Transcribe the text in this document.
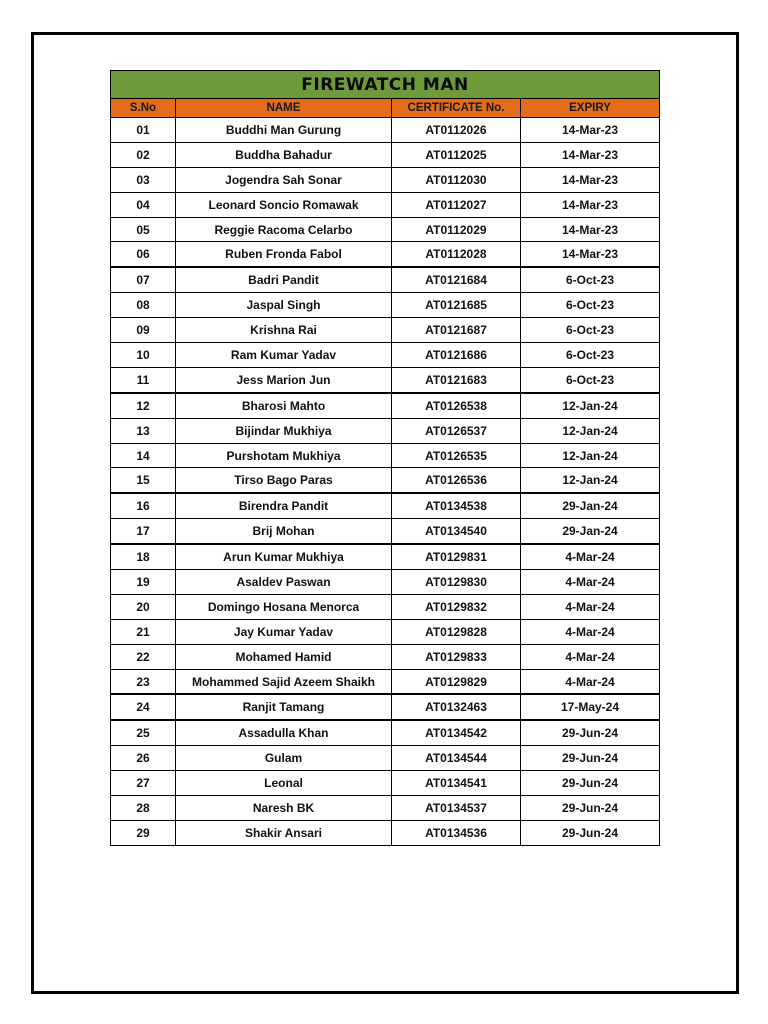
FIREWATCH MAN			
S.No	NAME	CERTIFICATE No.	EXPIRY
01	Buddhi Man Gurung	AT0112026	14-Mar-23
02	Buddha Bahadur	AT0112025	14-Mar-23
03	Jogendra Sah Sonar	AT0112030	14-Mar-23
04	Leonard Soncio Romawak	AT0112027	14-Mar-23
05	Reggie Racoma Celarbo	AT0112029	14-Mar-23
06	Ruben Fronda Fabol	AT0112028	14-Mar-23
07	Badri Pandit	AT0121684	6-Oct-23
08	Jaspal Singh	AT0121685	6-Oct-23
09	Krishna Rai	AT0121687	6-Oct-23
10	Ram Kumar Yadav	AT0121686	6-Oct-23
11	Jess Marion Jun	AT0121683	6-Oct-23
12	Bharosi Mahto	AT0126538	12-Jan-24
13	Bijindar Mukhiya	AT0126537	12-Jan-24
14	Purshotam Mukhiya	AT0126535	12-Jan-24
15	Tirso Bago Paras	AT0126536	12-Jan-24
16	Birendra Pandit	AT0134538	29-Jan-24
17	Brij Mohan	AT0134540	29-Jan-24
18	Arun Kumar Mukhiya	AT0129831	4-Mar-24
19	Asaldev Paswan	AT0129830	4-Mar-24
20	Domingo Hosana Menorca	AT0129832	4-Mar-24
21	Jay Kumar Yadav	AT0129828	4-Mar-24
22	Mohamed Hamid	AT0129833	4-Mar-24
23	Mohammed Sajid Azeem Shaikh	AT0129829	4-Mar-24
24	Ranjit Tamang	AT0132463	17-May-24
25	Assadulla Khan	AT0134542	29-Jun-24
26	Gulam	AT0134544	29-Jun-24
27	Leonal	AT0134541	29-Jun-24
28	Naresh BK	AT0134537	29-Jun-24
29	Shakir Ansari	AT0134536	29-Jun-24
